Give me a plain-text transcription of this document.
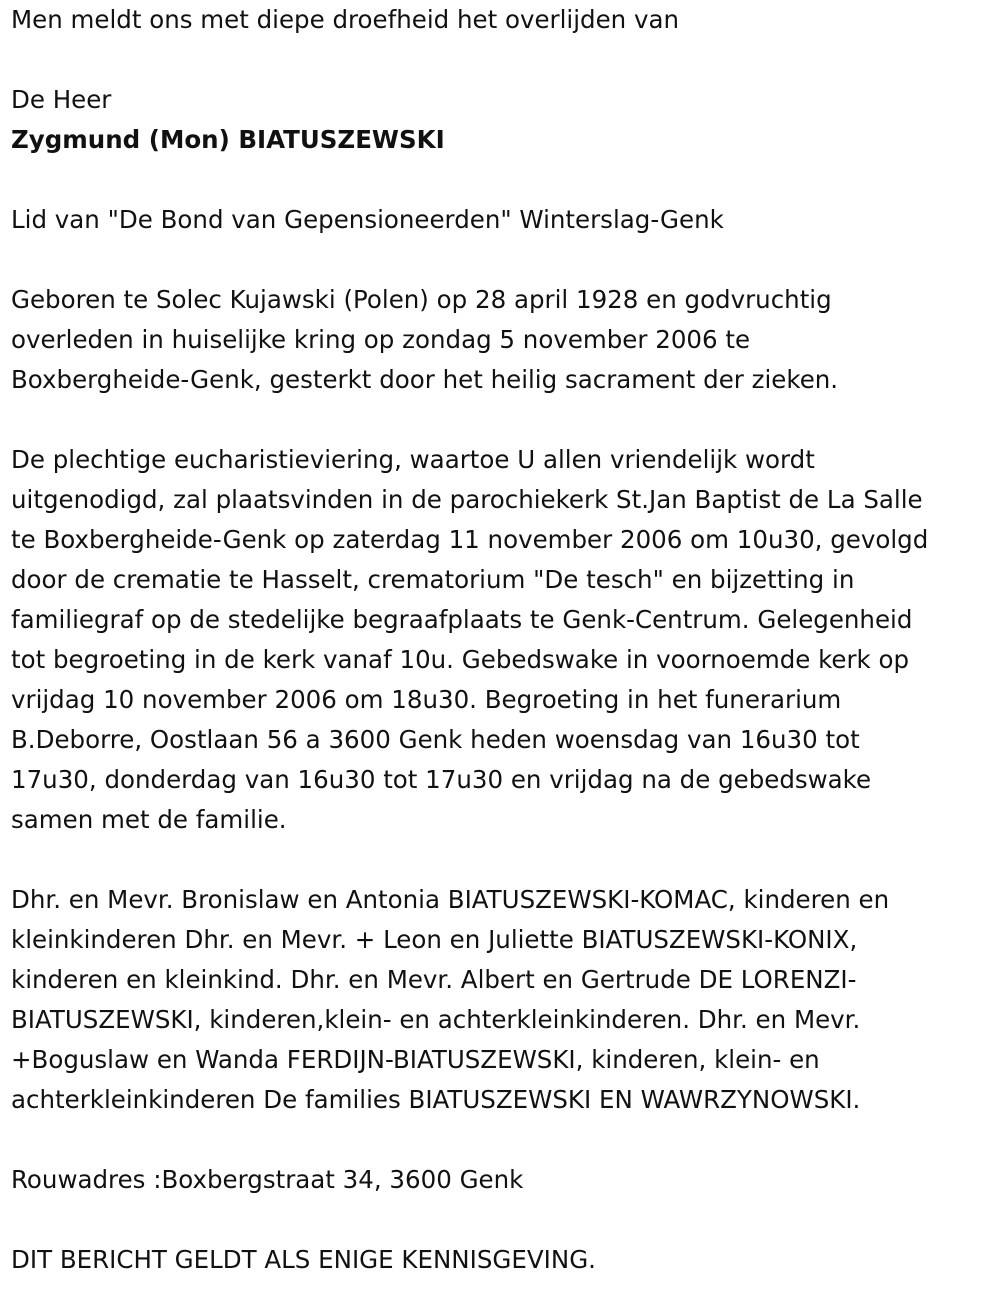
Men meldt ons met diepe droefheid het overlijden van
De Heer
Zygmund (Mon) BIATUSZEWSKI
Lid van "De Bond van Gepensioneerden" Winterslag-Genk
Geboren te Solec Kujawski (Polen) op 28 april 1928 en godvruchtig
overleden in huiselijke kring op zondag 5 november 2006 te
Boxbergheide-Genk, gesterkt door het heilig sacrament der zieken.
De plechtige eucharistieviering, waartoe U allen vriendelijk wordt
uitgenodigd, zal plaatsvinden in de parochiekerk St.Jan Baptist de La Salle
te Boxbergheide-Genk op zaterdag 11 november 2006 om 10u30, gevolgd
door de crematie te Hasselt, crematorium "De tesch" en bijzetting in
familiegraf op de stedelijke begraafplaats te Genk-Centrum. Gelegenheid
tot begroeting in de kerk vanaf 10u. Gebedswake in voornoemde kerk op
vrijdag 10 november 2006 om 18u30. Begroeting in het funerarium
B.Deborre, Oostlaan 56 a 3600 Genk heden woensdag van 16u30 tot
17u30, donderdag van 16u30 tot 17u30 en vrijdag na de gebedswake
samen met de familie.
Dhr. en Mevr. Bronislaw en Antonia BIATUSZEWSKI-KOMAC, kinderen en
kleinkinderen Dhr. en Mevr. + Leon en Juliette BIATUSZEWSKI-KONIX,
kinderen en kleinkind. Dhr. en Mevr. Albert en Gertrude DE LORENZI-
BIATUSZEWSKI, kinderen,klein- en achterkleinkinderen. Dhr. en Mevr.
+Boguslaw en Wanda FERDIJN-BIATUSZEWSKI, kinderen, klein- en
achterkleinkinderen De families BIATUSZEWSKI EN WAWRZYNOWSKI.
Rouwadres :Boxbergstraat 34, 3600 Genk
DIT BERICHT GELDT ALS ENIGE KENNISGEVING.
